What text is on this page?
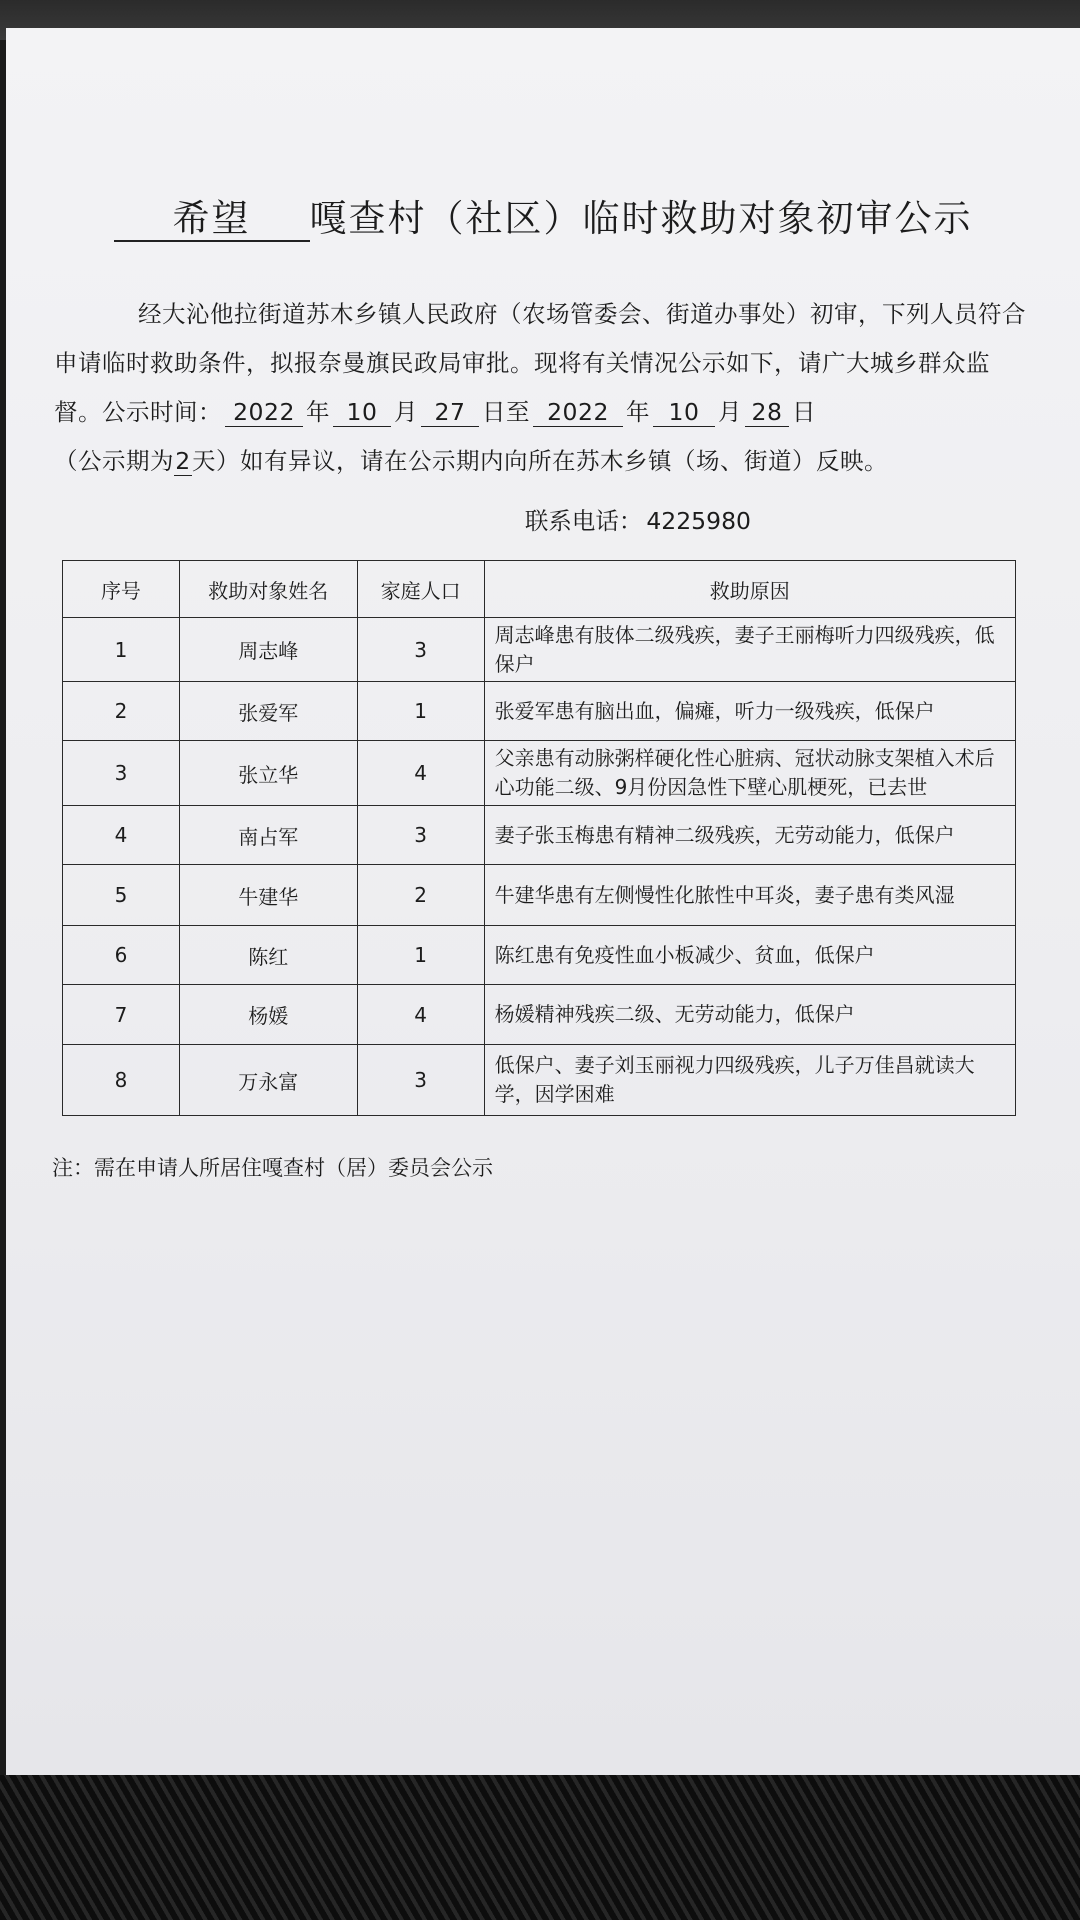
希望 嘎查村（社区）临时救助对象初审公示
经大沁他拉街道苏木乡镇人民政府（农场管委会、街道办事处）初审，下列人员符合申请临时救助条件，拟报奈曼旗民政局审批。现将有关情况公示如下，请广大城乡群众监督。公示时间： 2022 年 10 月 27 日至 2022 年 10 月 28 日
（公示期为2天）如有异议，请在公示期内向所在苏木乡镇（场、街道）反映。
联系电话： 4225980
序号	救助对象姓名	家庭人口	救助原因
1	周志峰	3	周志峰患有肢体二级残疾，妻子王丽梅听力四级残疾，低保户
2	张爱军	1	张爱军患有脑出血，偏瘫，听力一级残疾，低保户
3	张立华	4	父亲患有动脉粥样硬化性心脏病、冠状动脉支架植入术后心功能二级、9月份因急性下壁心肌梗死，已去世
4	南占军	3	妻子张玉梅患有精神二级残疾，无劳动能力，低保户
5	牛建华	2	牛建华患有左侧慢性化脓性中耳炎，妻子患有类风湿
6	陈红	1	陈红患有免疫性血小板减少、贫血，低保户
7	杨媛	4	杨媛精神残疾二级、无劳动能力，低保户
8	万永富	3	低保户、妻子刘玉丽视力四级残疾，儿子万佳昌就读大学，因学困难
注：需在申请人所居住嘎查村（居）委员会公示
